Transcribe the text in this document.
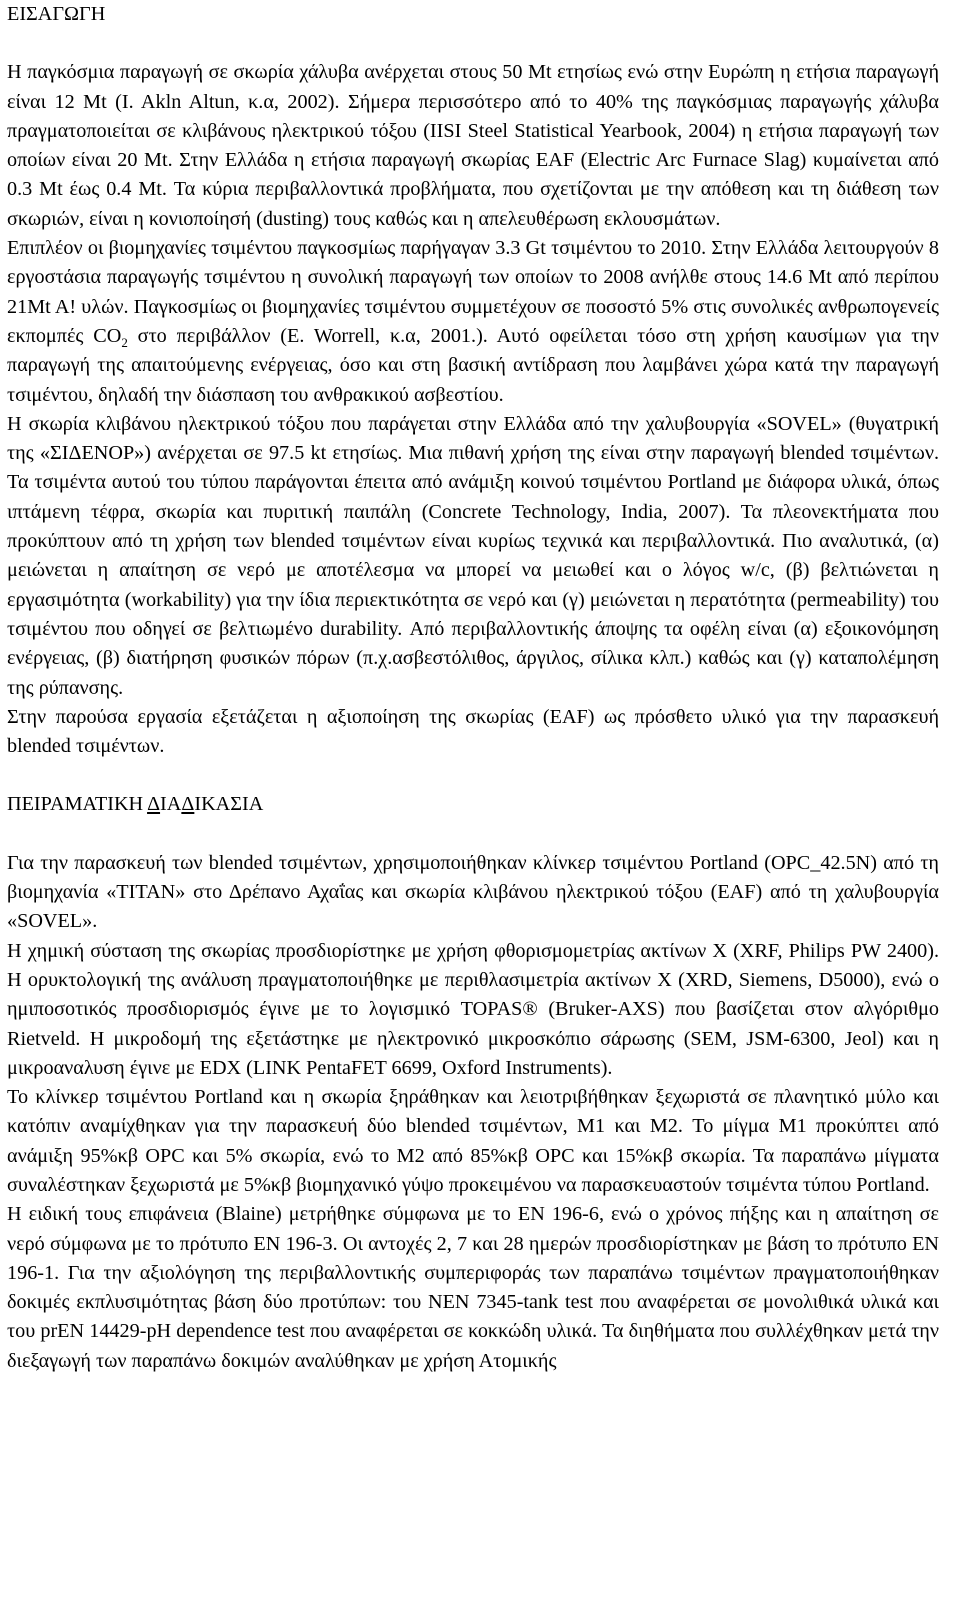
ΕΙΣΑΓΩΓΗ

Η παγκόσμια παραγωγή σε σκωρία χάλυβα ανέρχεται στους 50 Mt ετησίως ενώ στην Ευρώπη η ετήσια παραγωγή είναι 12 Mt (I. Akln Altun, κ.α, 2002). Σήμερα περισσότερο από το 40% της παγκόσμιας παραγωγής χάλυβα πραγματοποιείται σε κλιβάνους ηλεκτρικού τόξου (IISI Steel Statistical Yearbook, 2004) η ετήσια παραγωγή των οποίων είναι 20 Mt. Στην Ελλάδα η ετήσια παραγωγή σκωρίας EAF (Electric Arc Furnace Slag) κυμαίνεται από 0.3 Mt έως 0.4 Mt. Τα κύρια περιβαλλοντικά προβλήματα, που σχετίζονται με την απόθεση και τη διάθεση των σκωριών, είναι η κονιοποίησή (dusting) τους καθώς και η απελευθέρωση εκλουσμάτων.

Επιπλέον οι βιομηχανίες τσιμέντου παγκοσμίως παρήγαγαν 3.3 Gt τσιμέντου το 2010. Στην Ελλάδα λειτουργούν 8 εργοστάσια παραγωγής τσιμέντου η συνολική παραγωγή των οποίων το 2008 ανήλθε στους 14.6 Mt από περίπου 21Mt A! υλών. Παγκοσμίως οι βιομηχανίες τσιμέντου συμμετέχουν σε ποσοστό 5% στις συνολικές ανθρωπογενείς εκπομπές $CO_2$ στο περιβάλλον (E. Worrell, κ.α, 2001.). Αυτό οφείλεται τόσο στη χρήση καυσίμων για την παραγωγή της απαιτούμενης ενέργειας, όσο και στη βασική αντίδραση που λαμβάνει χώρα κατά την παραγωγή τσιμέντου, δηλαδή την διάσπαση του ανθρακικού ασβεστίου.

Η σκωρία κλιβάνου ηλεκτρικού τόξου που παράγεται στην Ελλάδα από την χαλυβουργία «SOVEL» (θυγατρική της «ΣΙΔΕΝΟΡ») ανέρχεται σε 97.5 kt ετησίως. Μια πιθανή χρήση της είναι στην παραγωγή blended τσιμέντων. Τα τσιμέντα αυτού του τύπου παράγονται έπειτα από ανάμιξη κοινού τσιμέντου Portland με διάφορα υλικά, όπως ιπτάμενη τέφρα, σκωρία και πυριτική παιπάλη (Concrete Technology, India, 2007). Τα πλεονεκτήματα που προκύπτουν από τη χρήση των blended τσιμέντων είναι κυρίως τεχνικά και περιβαλλοντικά. Πιο αναλυτικά, (α) μειώνεται η απαίτηση σε νερό με αποτέλεσμα να μπορεί να μειωθεί και ο λόγος w/c, (β) βελτιώνεται η εργασιμότητα (workability) για την ίδια περιεκτικότητα σε νερό και (γ) μειώνεται η περατότητα (permeability) του τσιμέντου που οδηγεί σε βελτιωμένο durability. Από περιβαλλοντικής άποψης τα οφέλη είναι (α) εξοικονόμηση ενέργειας, (β) διατήρηση φυσικών πόρων (π.χ.ασβεστόλιθος, άργιλος, σίλικα κλπ.) καθώς και (γ) καταπολέμηση της ρύπανσης.

Στην παρούσα εργασία εξετάζεται η αξιοποίηση της σκωρίας (EAF) ως πρόσθετο υλικό για την παρασκευή blended τσιμέντων.

ΠΕΙΡΑΜΑΤΙΚΗ ΔΙΑΔΙΚΑΣΙΑ

Για την παρασκευή των blended τσιμέντων, χρησιμοποιήθηκαν κλίνκερ τσιμέντου Portland (OPC_42.5N) από τη βιομηχανία «TITAN» στο Δρέπανο Αχαΐας και σκωρία κλιβάνου ηλεκτρικού τόξου (EAF) από τη χαλυβουργία «SOVEL».

Η χημική σύσταση της σκωρίας προσδιορίστηκε με χρήση φθορισμομετρίας ακτίνων X (XRF, Philips PW 2400). Η ορυκτολογική της ανάλυση πραγματοποιήθηκε με περιθλασιμετρία ακτίνων X (XRD, Siemens, D5000), ενώ ο ημιποσοτικός προσδιορισμός έγινε με το λογισμικό TOPAS® (Bruker-AXS) που βασίζεται στον αλγόριθμο Rietveld. Η μικροδομή της εξετάστηκε με ηλεκτρονικό μικροσκόπιο σάρωσης (SEM, JSM-6300, Jeol) και η μικροαναλυση έγινε με EDX (LINK PentaFET 6699, Oxford Instruments).

Το κλίνκερ τσιμέντου Portland και η σκωρία ξηράθηκαν και λειοτριβήθηκαν ξεχωριστά σε πλανητικό μύλο και κατόπιν αναμίχθηκαν για την παρασκευή δύο blended τσιμέντων, M1 και M2. Το μίγμα M1 προκύπτει από ανάμιξη 95%κβ OPC και 5% σκωρία, ενώ το M2 από 85%κβ OPC και 15%κβ σκωρία. Τα παραπάνω μίγματα συναλέστηκαν ξεχωριστά με 5%κβ βιομηχανικό γύψο προκειμένου να παρασκευαστούν τσιμέντα τύπου Portland.

Η ειδική τους επιφάνεια (Blaine) μετρήθηκε σύμφωνα με το EN 196-6, ενώ ο χρόνος πήξης και η απαίτηση σε νερό σύμφωνα με το πρότυπο EN 196-3. Οι αντοχές 2, 7 και 28 ημερών προσδιορίστηκαν με βάση το πρότυπο EN 196-1. Για την αξιολόγηση της περιβαλλοντικής συμπεριφοράς των παραπάνω τσιμέντων πραγματοποιήθηκαν δοκιμές εκπλυσιμότητας βάση δύο προτύπων: του NEN 7345-tank test που αναφέρεται σε μονολιθικά υλικά και του prEN 14429-pH dependence test που αναφέρεται σε κοκκώδη υλικά. Τα διηθήματα που συλλέχθηκαν μετά την διεξαγωγή των παραπάνω δοκιμών αναλύθηκαν με χρήση Ατομικής
